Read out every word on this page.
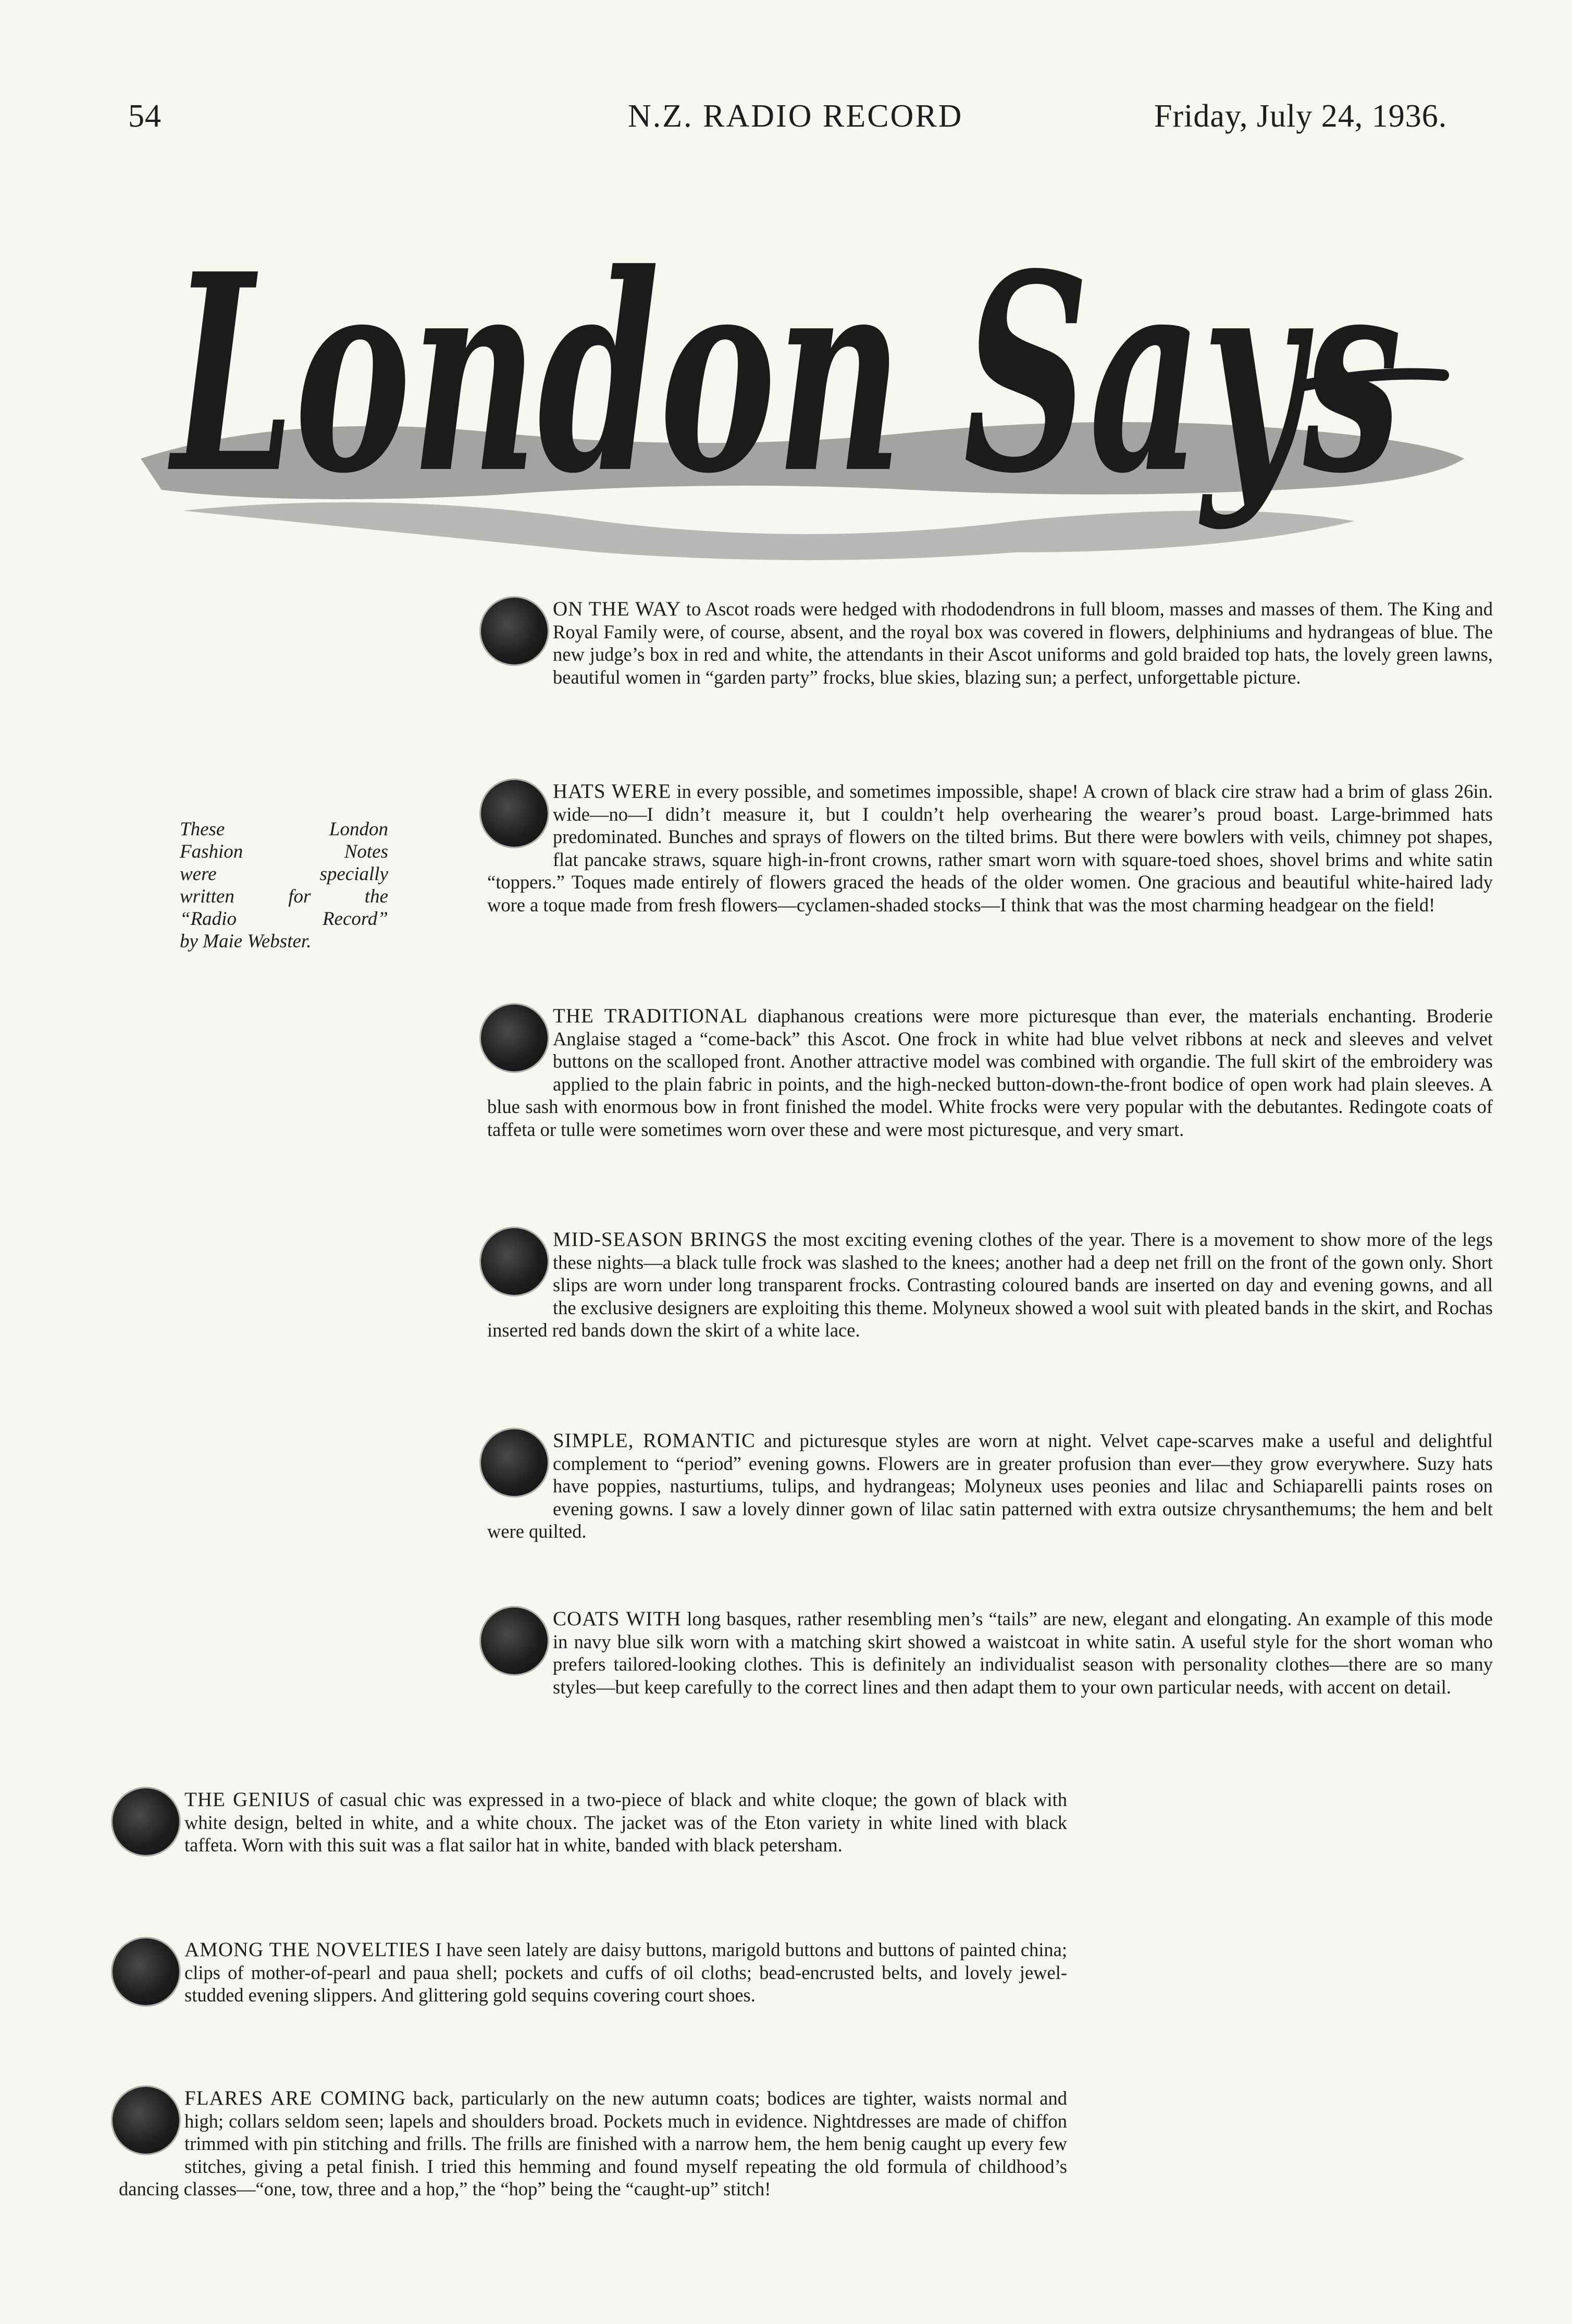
54	N.Z. RADIO RECORD	Friday, July 24, 1936.
London Says
These London
Fashion Notes
were specially
written for the
“Radio Record”
by Maie Webster.
ON THE WAY to Ascot roads were hedged with rhododendrons in full bloom, masses and masses of them. The King and Royal Family were, of course, absent, and the royal box was covered in flowers, delphiniums and hydrangeas of blue. The new judge’s box in red and white, the attendants in their Ascot uniforms and gold braided top hats, the lovely green lawns, beautiful women in “garden party” frocks, blue skies, blazing sun; a perfect, unforgettable picture.
HATS WERE in every possible, and sometimes impossible, shape! A crown of black cire straw had a brim of glass 26in. wide—no—I didn’t measure it, but I couldn’t help overhearing the wearer’s proud boast. Large-brimmed hats predominated. Bunches and sprays of flowers on the tilted brims. But there were bowlers with veils, chimney pot shapes, flat pancake straws, square high-in-front crowns, rather smart worn with square-toed shoes, shovel brims and white satin “toppers.” Toques made entirely of flowers graced the heads of the older women. One gracious and beautiful white-haired lady wore a toque made from fresh flowers—cyclamen-shaded stocks—I think that was the most charming headgear on the field!
THE TRADITIONAL diaphanous creations were more picturesque than ever, the materials enchanting. Broderie Anglaise staged a “come-back” this Ascot. One frock in white had blue velvet ribbons at neck and sleeves and velvet buttons on the scalloped front. Another attractive model was combined with organdie. The full skirt of the embroidery was applied to the plain fabric in points, and the high-necked button-down-the-front bodice of open work had plain sleeves. A blue sash with enormous bow in front finished the model. White frocks were very popular with the debutantes. Redingote coats of taffeta or tulle were sometimes worn over these and were most picturesque, and very smart.
MID-SEASON BRINGS the most exciting evening clothes of the year. There is a movement to show more of the legs these nights—a black tulle frock was slashed to the knees; another had a deep net frill on the front of the gown only. Short slips are worn under long transparent frocks. Contrasting coloured bands are inserted on day and evening gowns, and all the exclusive designers are exploiting this theme. Molyneux showed a wool suit with pleated bands in the skirt, and Rochas inserted red bands down the skirt of a white lace.
SIMPLE, ROMANTIC and picturesque styles are worn at night. Velvet cape-scarves make a useful and delightful complement to “period” evening gowns. Flowers are in greater profusion than ever—they grow everywhere. Suzy hats have poppies, nasturtiums, tulips, and hydrangeas; Molyneux uses peonies and lilac and Schiaparelli paints roses on evening gowns. I saw a lovely dinner gown of lilac satin patterned with extra outsize chrysanthemums; the hem and belt were quilted.
COATS WITH long basques, rather resembling men’s “tails” are new, elegant and elongating. An example of this mode in navy blue silk worn with a matching skirt showed a waistcoat in white satin. A useful style for the short woman who prefers tailored-looking clothes. This is definitely an individualist season with personality clothes—there are so many styles—but keep carefully to the correct lines and then adapt them to your own particular needs, with accent on detail.
THE GENIUS of casual chic was expressed in a two-piece of black and white cloque; the gown of black with white design, belted in white, and a white choux. The jacket was of the Eton variety in white lined with black taffeta. Worn with this suit was a flat sailor hat in white, banded with black petersham.
AMONG THE NOVELTIES I have seen lately are daisy buttons, marigold buttons and buttons of painted china; clips of mother-of-pearl and paua shell; pockets and cuffs of oil cloths; bead-encrusted belts, and lovely jewel-studded evening slippers. And glittering gold sequins covering court shoes.
FLARES ARE COMING back, particularly on the new autumn coats; bodices are tighter, waists normal and high; collars seldom seen; lapels and shoulders broad. Pockets much in evidence. Nightdresses are made of chiffon trimmed with pin stitching and frills. The frills are finished with a narrow hem, the hem benig caught up every few stitches, giving a petal finish. I tried this hemming and found myself repeating the old formula of childhood’s dancing classes—“one, tow, three and a hop,” the “hop” being the “caught-up” stitch!
